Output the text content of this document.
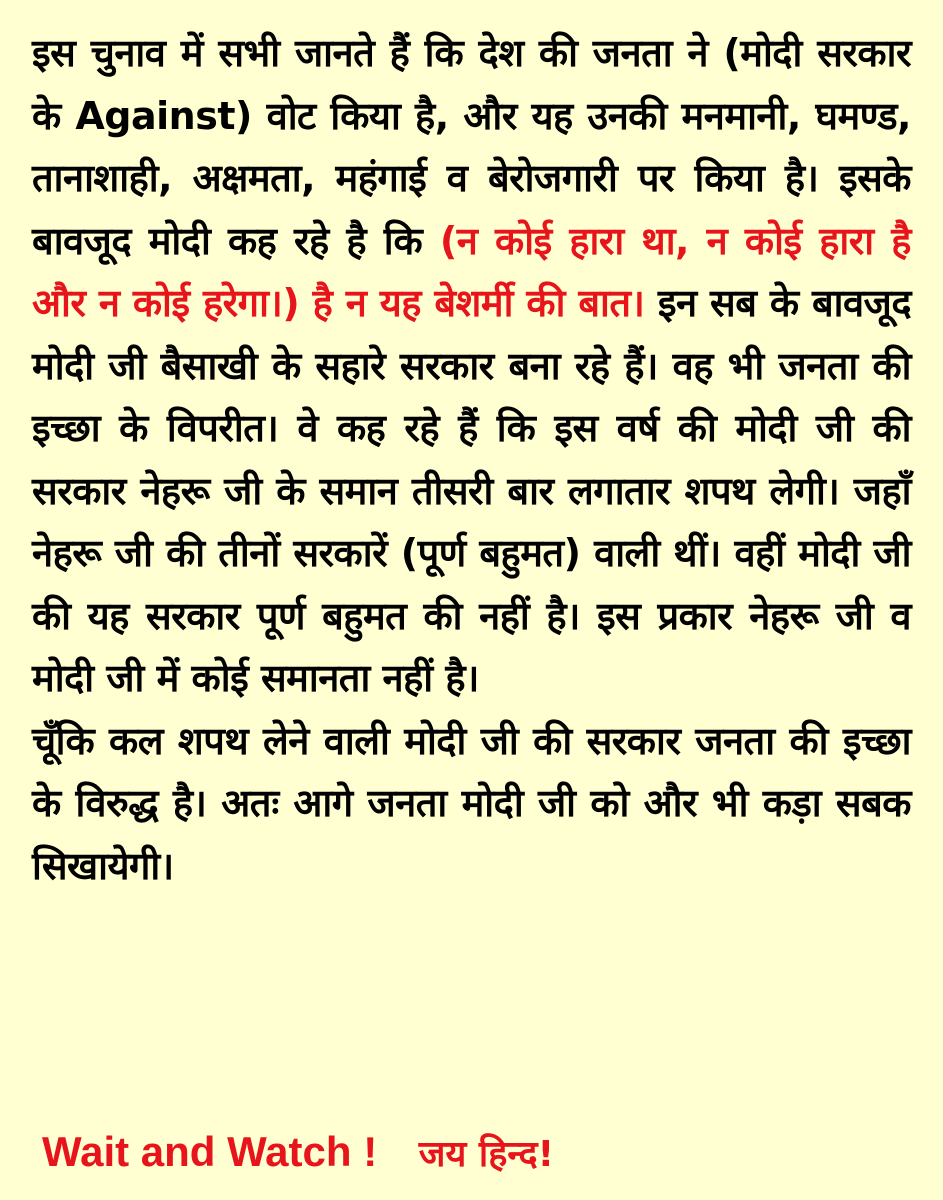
इस चुनाव में सभी जानते हैं कि देश की जनता ने (मोदी सरकार के Against) वोट किया है, और यह उनकी मनमानी, घमण्ड, तानाशाही, अक्षमता, महंगाई व बेरोजगारी पर किया है। इसके बावजूद मोदी कह रहे है कि (न कोई हारा था, न कोई हारा है और न कोई हरेगा।) है न यह बेशर्मी की बात। इन सब के बावजूद मोदी जी बैसाखी के सहारे सरकार बना रहे हैं। वह भी जनता की इच्छा के विपरीत। वे कह रहे हैं कि इस वर्ष की मोदी जी की सरकार नेहरू जी के समान तीसरी बार लगातार शपथ लेगी। जहाँ नेहरू जी की तीनों सरकारें (पूर्ण बहुमत) वाली थीं। वहीं मोदी जी की यह सरकार पूर्ण बहुमत की नहीं है। इस प्रकार नेहरू जी व मोदी जी में कोई समानता नहीं है।

चूँकि कल शपथ लेने वाली मोदी जी की सरकार जनता की इच्छा के विरुद्ध है। अतः आगे जनता मोदी जी को और भी कड़ा सबक सिखायेगी।

Wait and Watch ! जय हिन्द!
